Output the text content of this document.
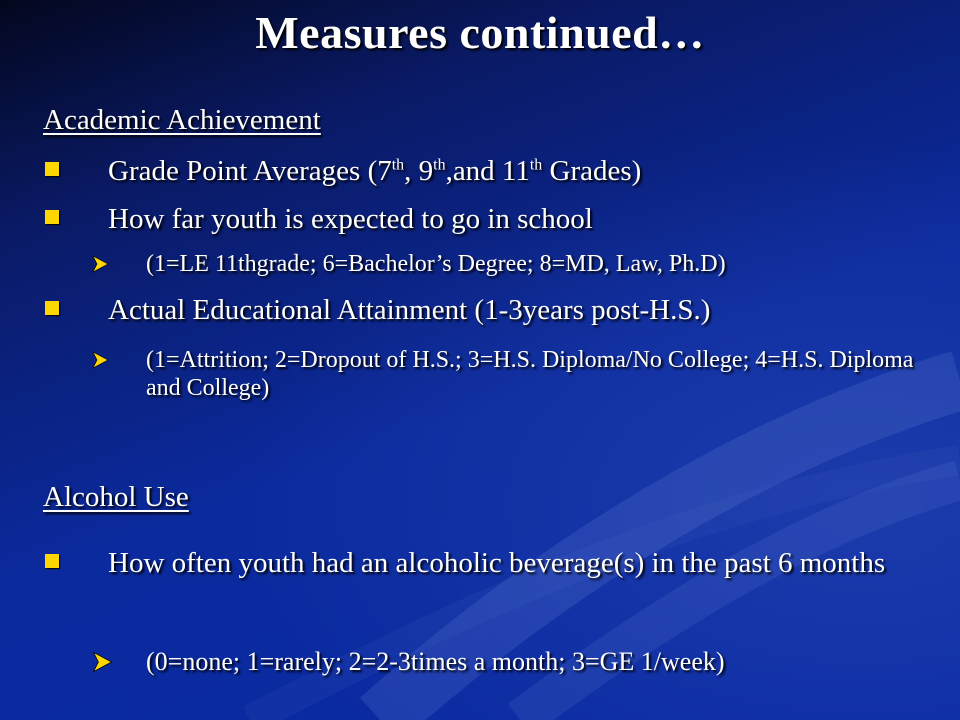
Measures continued…
Academic Achievement
Grade Point Averages (7th, 9th,and 11th Grades)
How far youth is expected to go in school
(1=LE 11thgrade; 6=Bachelor’s Degree; 8=MD, Law, Ph.D)
Actual Educational Attainment (1-3years post-H.S.)
(1=Attrition; 2=Dropout of H.S.; 3=H.S. Diploma/No College; 4=H.S. Diploma and College)
Alcohol Use
How often youth had an alcoholic beverage(s) in the past 6 months
(0=none; 1=rarely; 2=2-3times a month; 3=GE 1/week)
